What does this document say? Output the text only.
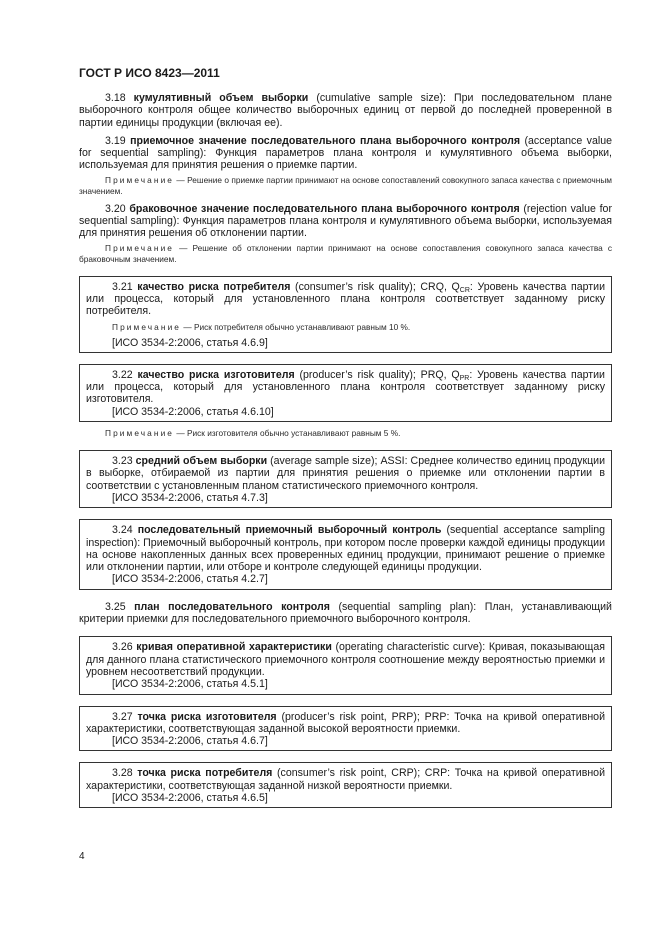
ГОСТ Р ИСО 8423—2011

3.18 кумулятивный объем выборки (cumulative sample size): При последовательном плане выборочного контроля общее количество выборочных единиц от первой до последней проверенной в партии единицы продукции (включая ее).

3.19 приемочное значение последовательного плана выборочного контроля (acceptance value for sequential sampling): Функция параметров плана контроля и кумулятивного объема выборки, используемая для принятия решения о приемке партии.

Примечание — Решение о приемке партии принимают на основе сопоставлений совокупного запаса качества с приемочным значением.

3.20 браковочное значение последовательного плана выборочного контроля (rejection value for sequential sampling): Функция параметров плана контроля и кумулятивного объема выборки, используемая для принятия решения об отклонении партии.

Примечание — Решение об отклонении партии принимают на основе сопоставления совокупного запаса качества с браковочным значением.

3.21 качество риска потребителя (consumer’s risk quality); CRQ, $Q_{CR}$: Уровень качества партии или процесса, который для установленного плана контроля соответствует заданному риску потребителя.

Примечание — Риск потребителя обычно устанавливают равным 10 %.

[ИСО 3534-2:2006, статья 4.6.9]

3.22 качество риска изготовителя (producer’s risk quality); PRQ, $Q_{PR}$: Уровень качества партии или процесса, который для установленного плана контроля соответствует заданному риску изготовителя.

[ИСО 3534-2:2006, статья 4.6.10]

Примечание — Риск изготовителя обычно устанавливают равным 5 %.

3.23 средний объем выборки (average sample size); ASSI: Среднее количество единиц продукции в выборке, отбираемой из партии для принятия решения о приемке или отклонении партии в соответствии с установленным планом статистического приемочного контроля.

[ИСО 3534-2:2006, статья 4.7.3]

3.24 последовательный приемочный выборочный контроль (sequential acceptance sampling inspection): Приемочный выборочный контроль, при котором после проверки каждой единицы продукции на основе накопленных данных всех проверенных единиц продукции, принимают решение о приемке или отклонении партии, или отборе и контроле следующей единицы продукции.

[ИСО 3534-2:2006, статья 4.2.7]

3.25 план последовательного контроля (sequential sampling plan): План, устанавливающий критерии приемки для последовательного приемочного выборочного контроля.

3.26 кривая оперативной характеристики (operating characteristic curve): Кривая, показывающая для данного плана статистического приемочного контроля соотношение между вероятностью приемки и уровнем несоответствий продукции.

[ИСО 3534-2:2006, статья 4.5.1]

3.27 точка риска изготовителя (producer’s risk point, PRP); PRP: Точка на кривой оперативной характеристики, соответствующая заданной высокой вероятности приемки.

[ИСО 3534-2:2006, статья 4.6.7]

3.28 точка риска потребителя (consumer’s risk point, CRP); CRP: Точка на кривой оперативной характеристики, соответствующая заданной низкой вероятности приемки.

[ИСО 3534-2:2006, статья 4.6.5]
4
